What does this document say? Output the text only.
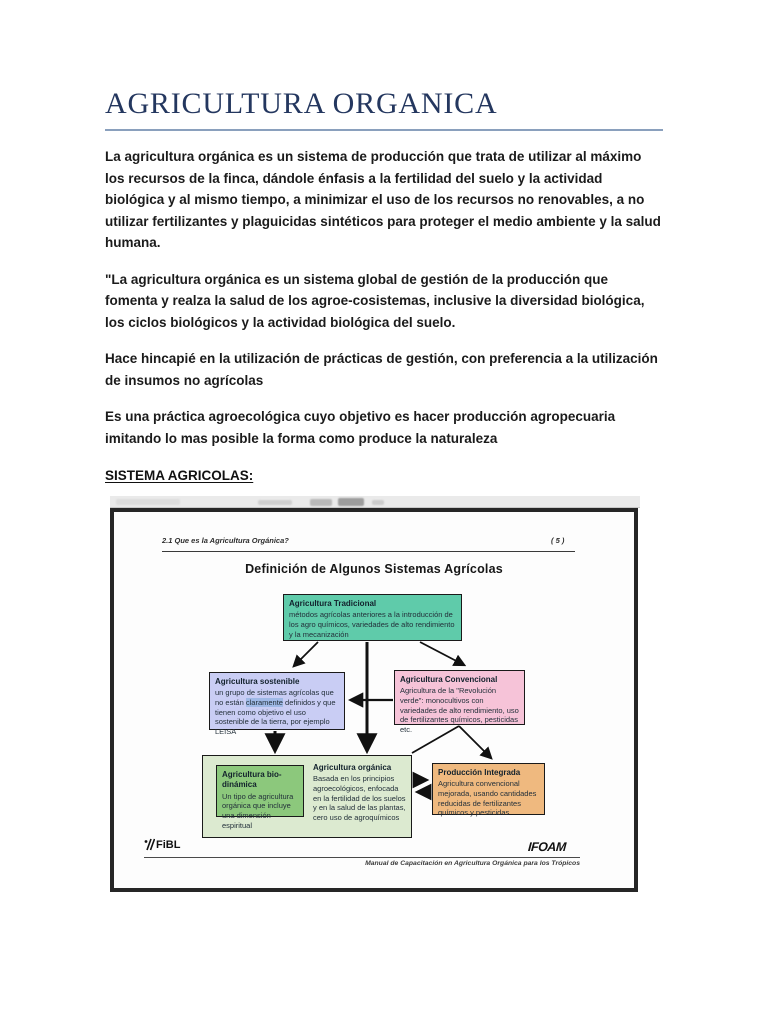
AGRICULTURA ORGANICA

La agricultura orgánica es un sistema de producción que trata de utilizar al máximo los recursos de la finca, dándole énfasis a la fertilidad del suelo y la actividad biológica y al mismo tiempo, a minimizar el uso de los recursos no renovables, a no utilizar fertilizantes y plaguicidas sintéticos para proteger el medio ambiente y la salud humana.

"La agricultura orgánica es un sistema global de gestión de la producción que fomenta y realza la salud de los agroe-cosistemas, inclusive la diversidad biológica, los ciclos biológicos y la actividad biológica del suelo.

Hace hincapié en la utilización de prácticas de gestión, con preferencia a la utilización de insumos no agrícolas

Es una práctica agroecológica cuyo objetivo es hacer producción agropecuaria imitando lo mas posible la forma como produce la naturaleza

SISTEMA AGRICOLAS:
2.1 Que es la Agricultura Orgánica?	( 5 )
Definición de Algunos Sistemas Agrícolas
Agricultura Tradicional
métodos agrícolas anteriores a la introducción de los agro químicos, variedades de alto rendimiento y la mecanización
Agricultura sostenible
un grupo de sistemas agrícolas que no están claramente definidos y que tienen como objetivo el uso sostenible de la tierra, por ejemplo LEISA
Agricultura Convencional
Agricultura de la "Revolución verde": monocultivos con variedades de alto rendimiento, uso de fertilizantes químicos, pesticidas etc.
Agricultura bio-dinámica
Un tipo de agricultura orgánica que incluye una dimensión espiritual
Agricultura orgánica
Basada en los principios agroecológicos, enfocada en la fertilidad de los suelos y en la salud de las plantas, cero uso de agroquímicos
Producción Integrada
Agricultura convencional mejorada, usando cantidades reducidas de fertilizantes químicos y pesticidas
FiBL	IFOAM
Manual de Capacitación en Agricultura Orgánica para los Trópicos
